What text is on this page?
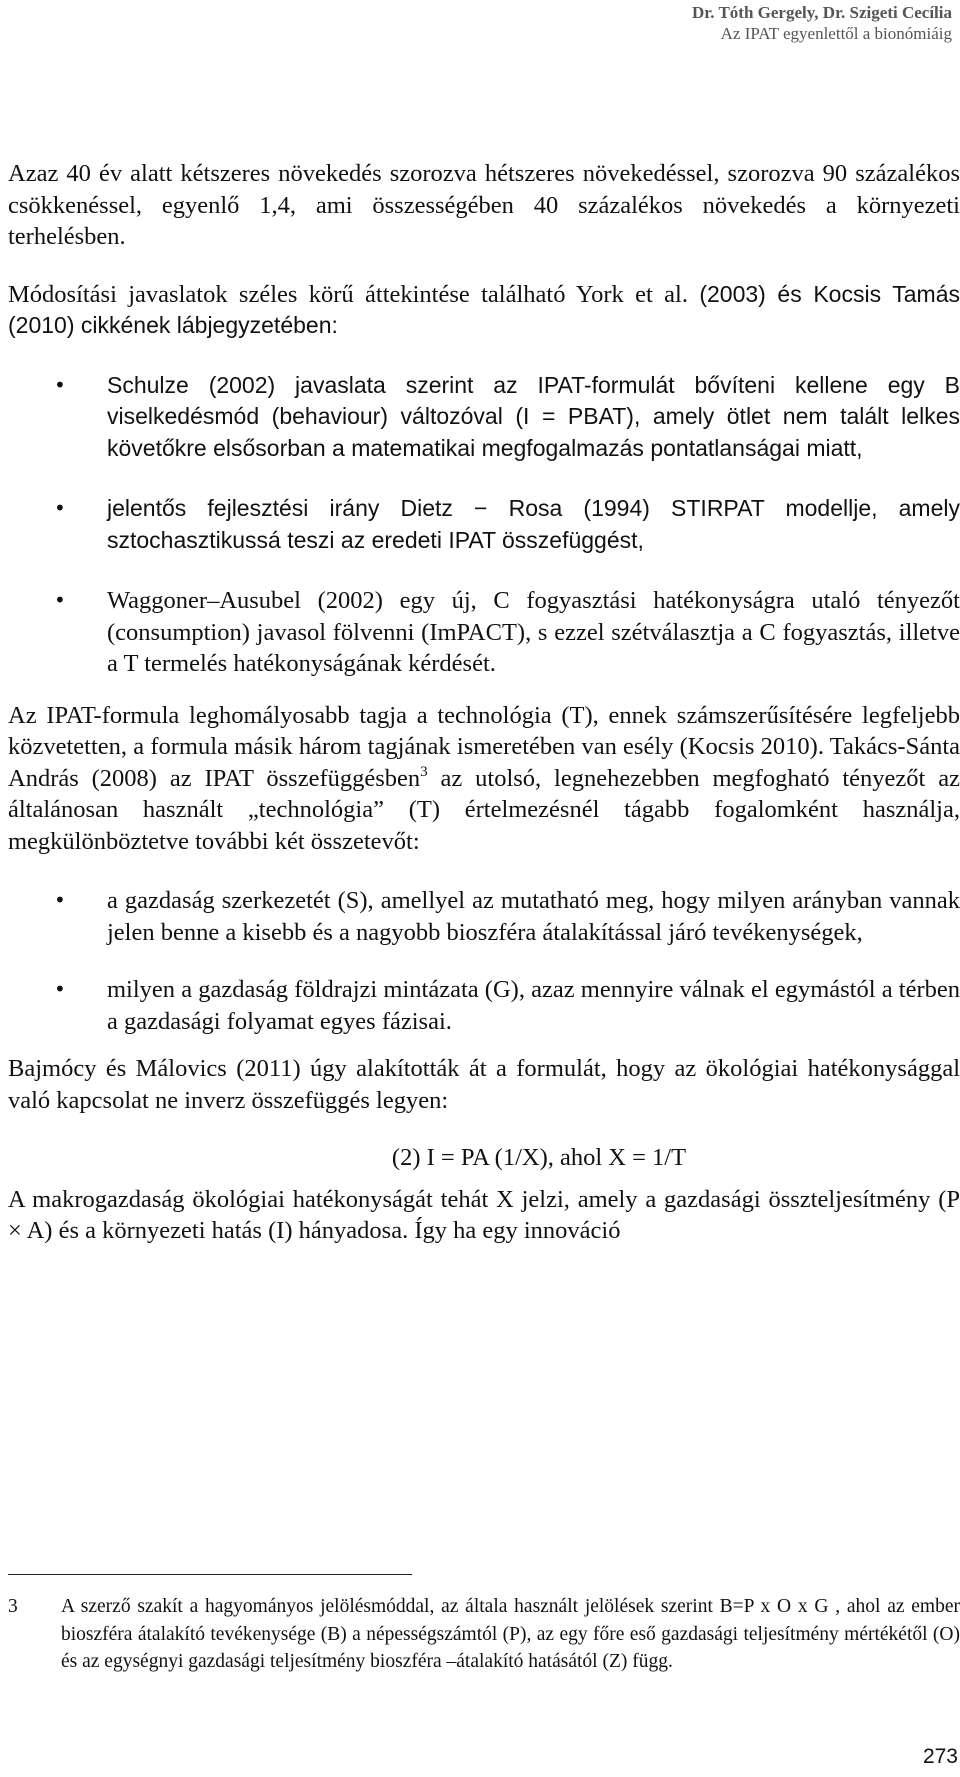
Dr. Tóth Gergely, Dr. Szigeti Cecília
Az IPAT egyenlettől a bionómiáig

Azaz 40 év alatt kétszeres növekedés szorozva hétszeres növekedéssel, szorozva 90 százalékos csökkenéssel, egyenlő 1,4, ami összességében 40 százalékos növekedés a környezeti terhelésben.

Módosítási javaslatok széles körű áttekintése található York et al. (2003) és Kocsis Tamás (2010) cikkének lábjegyzetében:

• Schulze (2002) javaslata szerint az IPAT-formulát bővíteni kellene egy B viselkedésmód (behaviour) változóval (I = PBAT), amely ötlet nem talált lelkes követőkre elsősorban a matematikai megfogalmazás pontatlanságai miatt,
• jelentős fejlesztési irány Dietz − Rosa (1994) STIRPAT modellje, amely sztochasztikussá teszi az eredeti IPAT összefüggést,
• Waggoner–Ausubel (2002) egy új, C fogyasztási hatékonyságra utaló tényezőt (consumption) javasol fölvenni (ImPACT), s ezzel szétválasztja a C fogyasztás, illetve a T termelés hatékonyságának kérdését.

Az IPAT-formula leghomályosabb tagja a technológia (T), ennek számszerűsítésére legfeljebb közvetetten, a formula másik három tagjának ismeretében van esély (Kocsis 2010). Takács-Sánta András (2008) az IPAT összefüggésben$^3$ az utolsó, legnehezebben megfogható tényezőt az általánosan használt „technológia” (T) értelmezésnél tágabb fogalomként használja, megkülönböztetve további két összetevőt:

• a gazdaság szerkezetét (S), amellyel az mutatható meg, hogy milyen arányban vannak jelen benne a kisebb és a nagyobb bioszféra átalakítással járó tevékenységek,
• milyen a gazdaság földrajzi mintázata (G), azaz mennyire válnak el egymástól a térben a gazdasági folyamat egyes fázisai.

Bajmócy és Málovics (2011) úgy alakították át a formulát, hogy az ökológiai hatékonysággal való kapcsolat ne inverz összefüggés legyen:

(2) I = PA (1/X), ahol X = 1/T

A makrogazdaság ökológiai hatékonyságát tehát X jelzi, amely a gazdasági összteljesítmény (P × A) és a környezeti hatás (I) hányadosa. Így ha egy innováció

3 A szerző szakít a hagyományos jelölésmóddal, az általa használt jelölések szerint B=P x O x G , ahol az ember bioszféra átalakító tevékenysége (B) a népességszámtól (P), az egy főre eső gazdasági teljesítmény mértékétől (O) és az egységnyi gazdasági teljesítmény bioszféra –átalakító hatásától (Z) függ.
273
